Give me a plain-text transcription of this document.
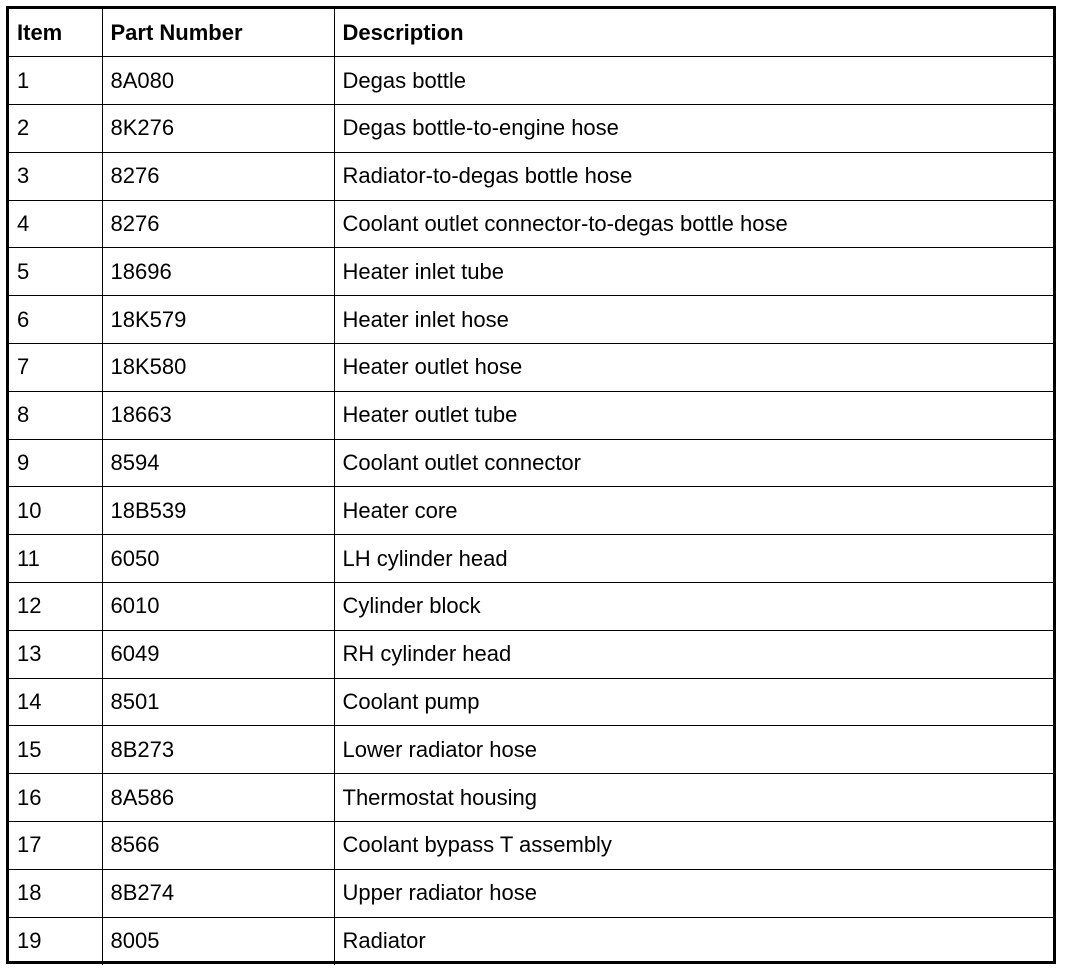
Item	Part Number	Description
1	8A080	Degas bottle
2	8K276	Degas bottle-to-engine hose
3	8276	Radiator-to-degas bottle hose
4	8276	Coolant outlet connector-to-degas bottle hose
5	18696	Heater inlet tube
6	18K579	Heater inlet hose
7	18K580	Heater outlet hose
8	18663	Heater outlet tube
9	8594	Coolant outlet connector
10	18B539	Heater core
11	6050	LH cylinder head
12	6010	Cylinder block
13	6049	RH cylinder head
14	8501	Coolant pump
15	8B273	Lower radiator hose
16	8A586	Thermostat housing
17	8566	Coolant bypass T assembly
18	8B274	Upper radiator hose
19	8005	Radiator
